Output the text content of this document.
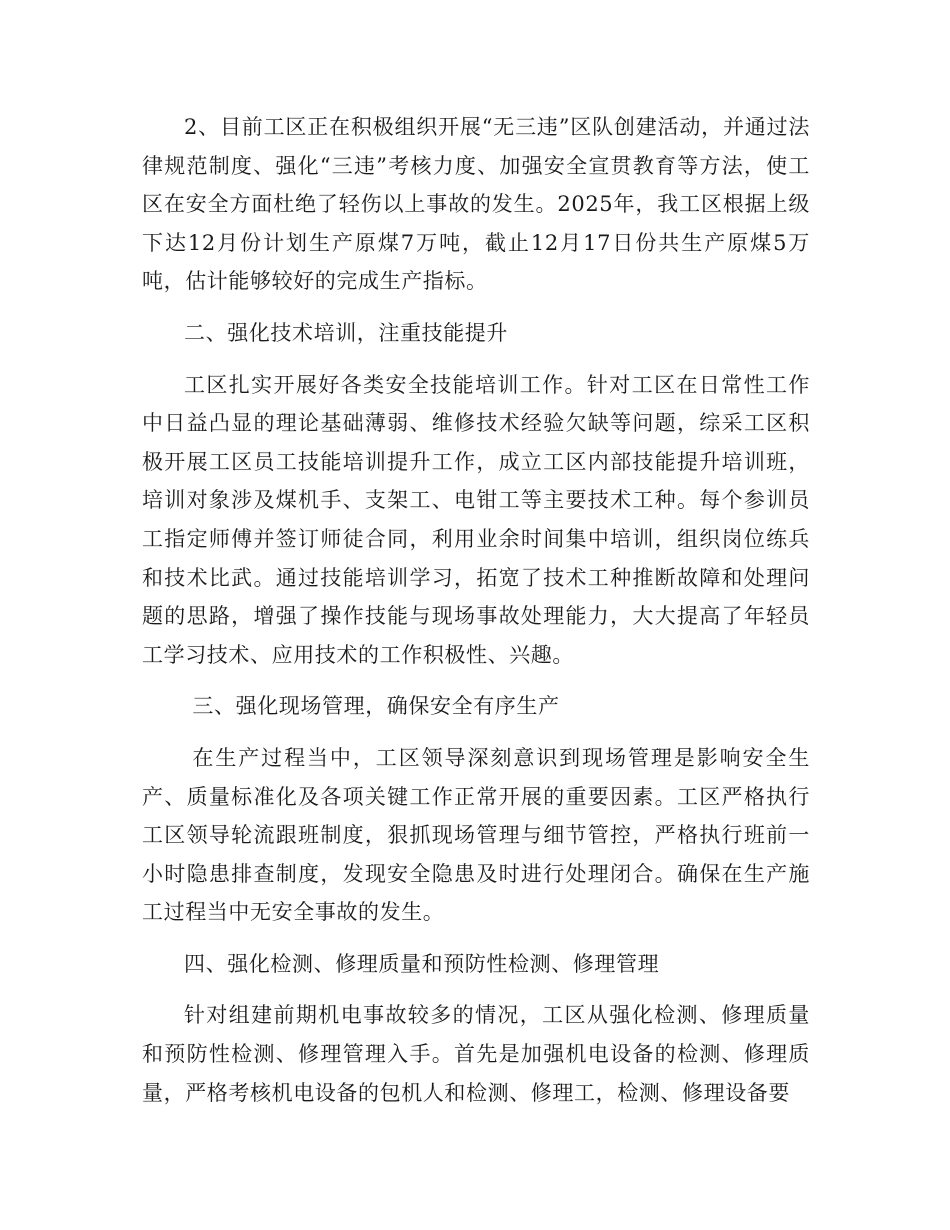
2、目前工区正在积极组织开展“无三违”区队创建活动，并通过法律规范制度、强化“三违”考核力度、加强安全宣贯教育等方法，使工区在安全方面杜绝了轻伤以上事故的发生。2025年，我工区根据上级下达12月份计划生产原煤7万吨，截止12月17日份共生产原煤5万吨，估计能够较好的完成生产指标。

二、强化技术培训，注重技能提升

工区扎实开展好各类安全技能培训工作。针对工区在日常性工作中日益凸显的理论基础薄弱、维修技术经验欠缺等问题，综采工区积极开展工区员工技能培训提升工作，成立工区内部技能提升培训班，培训对象涉及煤机手、支架工、电钳工等主要技术工种。每个参训员工指定师傅并签订师徒合同，利用业余时间集中培训，组织岗位练兵和技术比武。通过技能培训学习，拓宽了技术工种推断故障和处理问题的思路，增强了操作技能与现场事故处理能力，大大提高了年轻员工学习技术、应用技术的工作积极性、兴趣。

三、强化现场管理，确保安全有序生产

在生产过程当中，工区领导深刻意识到现场管理是影响安全生产、质量标准化及各项关键工作正常开展的重要因素。工区严格执行工区领导轮流跟班制度，狠抓现场管理与细节管控，严格执行班前一小时隐患排查制度，发现安全隐患及时进行处理闭合。确保在生产施工过程当中无安全事故的发生。

四、强化检测、修理质量和预防性检测、修理管理

针对组建前期机电事故较多的情况，工区从强化检测、修理质量和预防性检测、修理管理入手。首先是加强机电设备的检测、修理质量，严格考核机电设备的包机人和检测、修理工，检测、修理设备要
